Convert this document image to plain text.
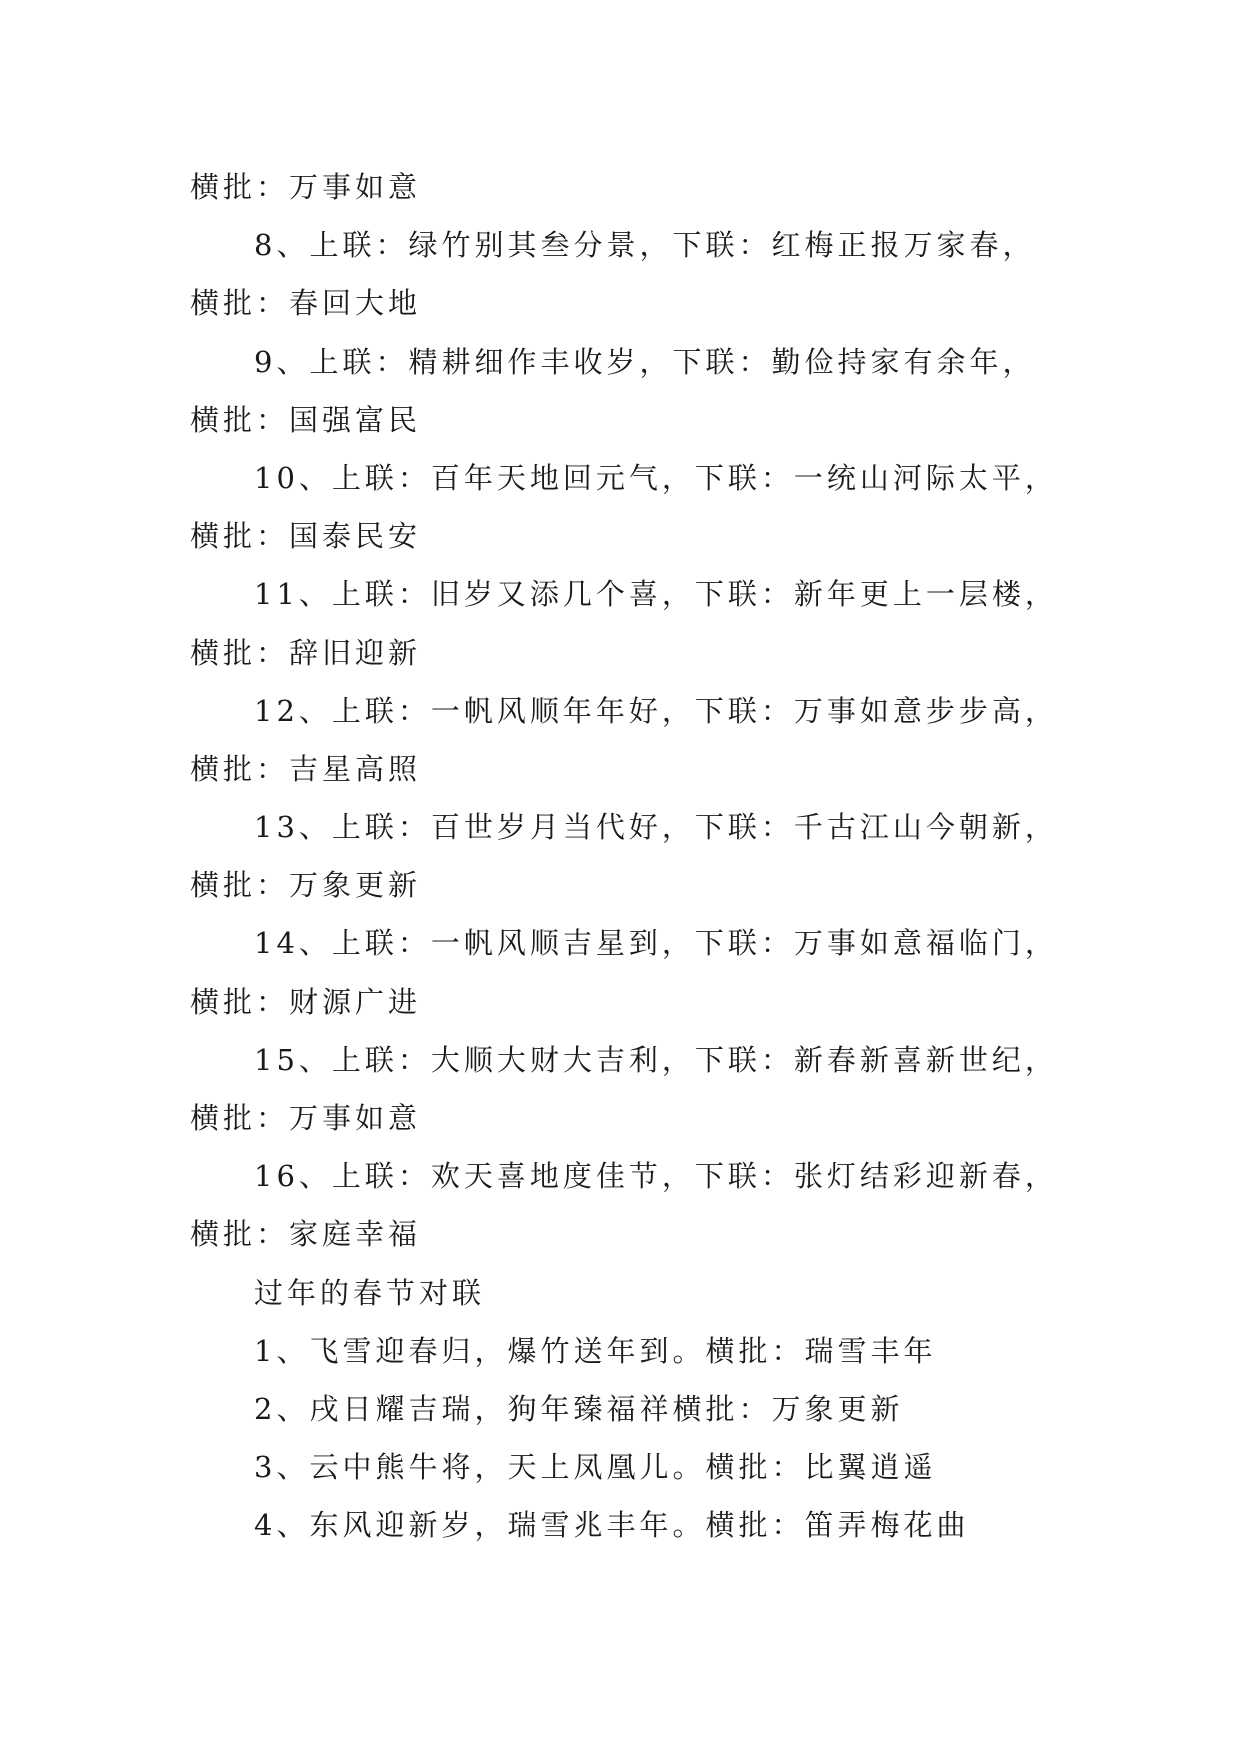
横批：万事如意

8、上联：绿竹别其叁分景，下联：红梅正报万家春，

横批：春回大地

9、上联：精耕细作丰收岁，下联：勤俭持家有余年，

横批：国强富民

10、上联：百年天地回元气，下联：一统山河际太平，

横批：国泰民安

11、上联：旧岁又添几个喜，下联：新年更上一层楼，

横批：辞旧迎新

12、上联：一帆风顺年年好，下联：万事如意步步高，

横批：吉星高照

13、上联：百世岁月当代好，下联：千古江山今朝新，

横批：万象更新

14、上联：一帆风顺吉星到，下联：万事如意福临门，

横批：财源广进

15、上联：大顺大财大吉利，下联：新春新喜新世纪，

横批：万事如意

16、上联：欢天喜地度佳节，下联：张灯结彩迎新春，

横批：家庭幸福

过年的春节对联

1、飞雪迎春归，爆竹送年到。横批：瑞雪丰年

2、戌日耀吉瑞，狗年臻福祥横批：万象更新

3、云中熊牛将，天上凤凰儿。横批：比翼逍遥

4、东风迎新岁，瑞雪兆丰年。横批：笛弄梅花曲
